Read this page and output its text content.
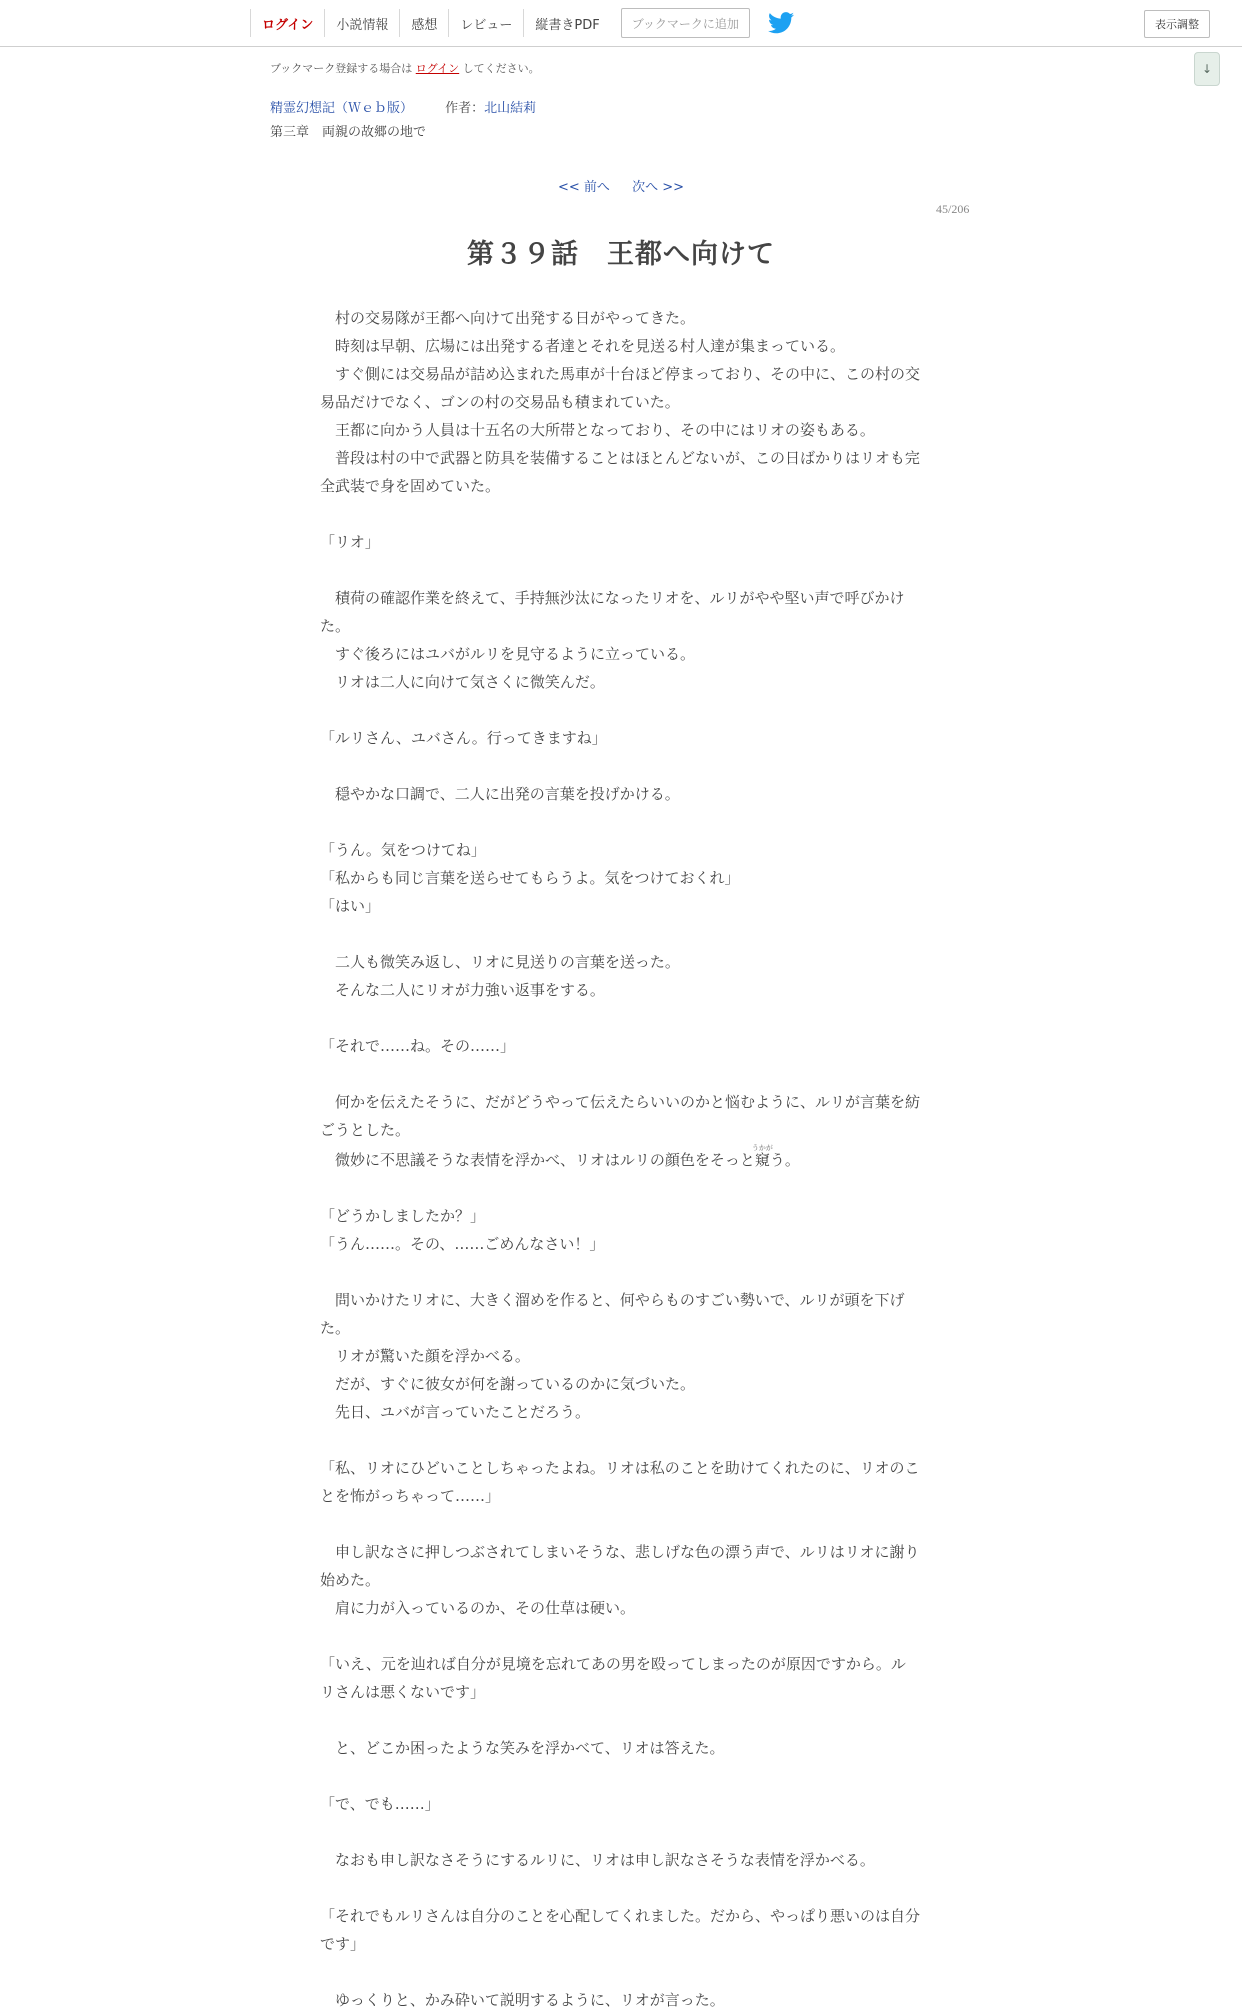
ログイン	小説情報	感想	レビュー	縦書きPDF	ブックマークに追加	表示調整
↓
ブックマーク登録する場合は ログイン してください。
精霊幻想記（Ｗｅｂ版） 作者：北山結莉
第三章　両親の故郷の地で
<< 前へ 次へ >>
45/206
第３９話　王都へ向けて

　村の交易隊が王都へ向けて出発する日がやってきた。

　時刻は早朝、広場には出発する者達とそれを見送る村人達が集まっている。

　すぐ側には交易品が詰め込まれた馬車が十台ほど停まっており、その中に、この村の交易品だけでなく、ゴンの村の交易品も積まれていた。

　王都に向かう人員は十五名の大所帯となっており、その中にはリオの姿もある。

　普段は村の中で武器と防具を装備することはほとんどないが、この日ばかりはリオも完全武装で身を固めていた。

「リオ」

　積荷の確認作業を終えて、手持無沙汰になったリオを、ルリがやや堅い声で呼びかけた。

　すぐ後ろにはユバがルリを見守るように立っている。

　リオは二人に向けて気さくに微笑んだ。

「ルリさん、ユバさん。行ってきますね」

　穏やかな口調で、二人に出発の言葉を投げかける。

「うん。気をつけてね」

「私からも同じ言葉を送らせてもらうよ。気をつけておくれ」

「はい」

　二人も微笑み返し、リオに見送りの言葉を送った。

　そんな二人にリオが力強い返事をする。

「それで……ね。その……」

　何かを伝えたそうに、だがどうやって伝えたらいいのかと悩むように、ルリが言葉を紡ごうとした。

　微妙に不思議そうな表情を浮かべ、リオはルリの顔色をそっと窺うかがう。

「どうかしましたか？」

「うん……。その、……ごめんなさい！」

　問いかけたリオに、大きく溜めを作ると、何やらものすごい勢いで、ルリが頭を下げた。

　リオが驚いた顔を浮かべる。

　だが、すぐに彼女が何を謝っているのかに気づいた。

　先日、ユバが言っていたことだろう。

「私、リオにひどいことしちゃったよね。リオは私のことを助けてくれたのに、リオのことを怖がっちゃって……」

　申し訳なさに押しつぶされてしまいそうな、悲しげな色の漂う声で、ルリはリオに謝り始めた。

　肩に力が入っているのか、その仕草は硬い。

「いえ、元を辿れば自分が見境を忘れてあの男を殴ってしまったのが原因ですから。ルリさんは悪くないです」

　と、どこか困ったような笑みを浮かべて、リオは答えた。

「で、でも……」

　なおも申し訳なさそうにするルリに、リオは申し訳なさそうな表情を浮かべる。

「それでもルリさんは自分のことを心配してくれました。だから、やっぱり悪いのは自分です」

　ゆっくりと、かみ砕いて説明するように、リオが言った。
